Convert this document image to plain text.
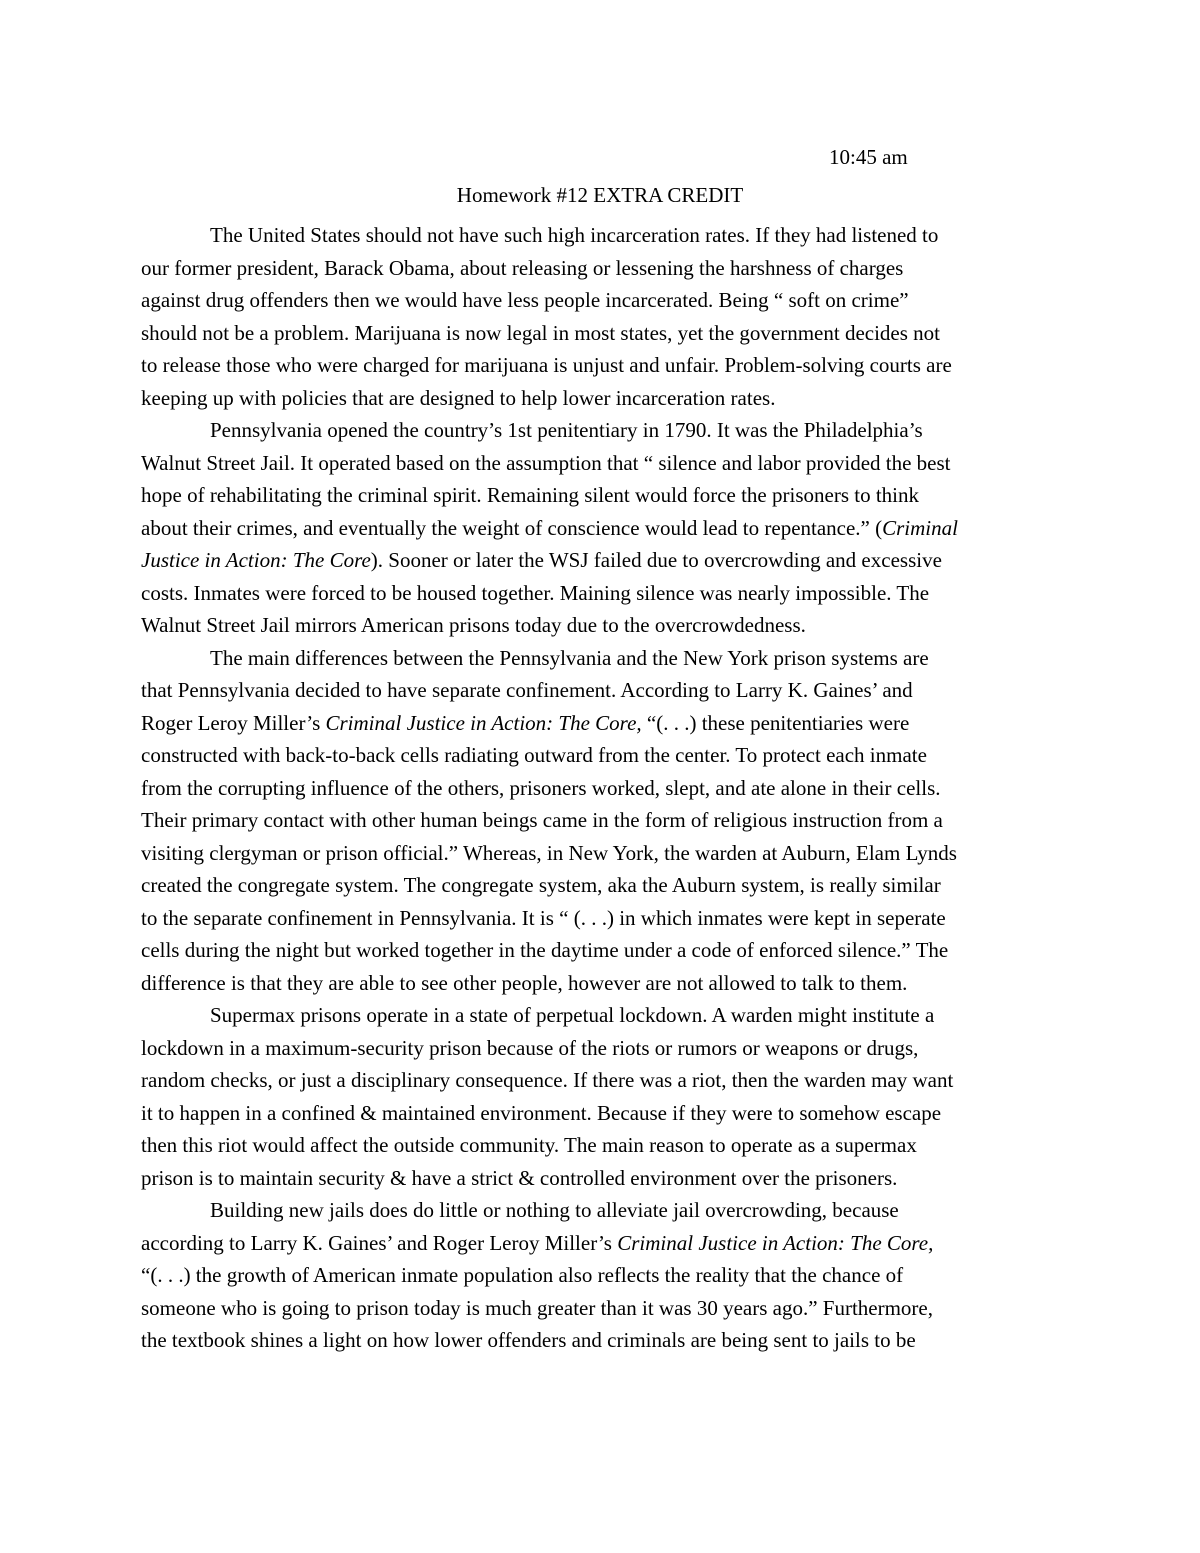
10:45 am
Homework #12 EXTRA CREDIT

The United States should not have such high incarceration rates. If they had listened to
our former president, Barack Obama, about releasing or lessening the harshness of charges
against drug offenders then we would have less people incarcerated. Being “ soft on crime”
should not be a problem. Marijuana is now legal in most states, yet the government decides not
to release those who were charged for marijuana is unjust and unfair. Problem-solving courts are
keeping up with policies that are designed to help lower incarceration rates.

Pennsylvania opened the country’s 1st penitentiary in 1790. It was the Philadelphia’s
Walnut Street Jail. It operated based on the assumption that “ silence and labor provided the best
hope of rehabilitating the criminal spirit. Remaining silent would force the prisoners to think
about their crimes, and eventually the weight of conscience would lead to repentance.” (Criminal
Justice in Action: The Core). Sooner or later the WSJ failed due to overcrowding and excessive
costs. Inmates were forced to be housed together. Maining silence was nearly impossible. The
Walnut Street Jail mirrors American prisons today due to the overcrowdedness.

The main differences between the Pennsylvania and the New York prison systems are
that Pennsylvania decided to have separate confinement. According to Larry K. Gaines’ and
Roger Leroy Miller’s Criminal Justice in Action: The Core, “(. . .) these penitentiaries were
constructed with back-to-back cells radiating outward from the center. To protect each inmate
from the corrupting influence of the others, prisoners worked, slept, and ate alone in their cells.
Their primary contact with other human beings came in the form of religious instruction from a
visiting clergyman or prison official.” Whereas, in New York, the warden at Auburn, Elam Lynds
created the congregate system. The congregate system, aka the Auburn system, is really similar
to the separate confinement in Pennsylvania. It is “ (. . .) in which inmates were kept in seperate
cells during the night but worked together in the daytime under a code of enforced silence.” The
difference is that they are able to see other people, however are not allowed to talk to them.

Supermax prisons operate in a state of perpetual lockdown. A warden might institute a
lockdown in a maximum-security prison because of the riots or rumors or weapons or drugs,
random checks, or just a disciplinary consequence. If there was a riot, then the warden may want
it to happen in a confined & maintained environment. Because if they were to somehow escape
then this riot would affect the outside community. The main reason to operate as a supermax
prison is to maintain security & have a strict & controlled environment over the prisoners.

Building new jails does do little or nothing to alleviate jail overcrowding, because
according to Larry K. Gaines’ and Roger Leroy Miller’s Criminal Justice in Action: The Core,
“(. . .) the growth of American inmate population also reflects the reality that the chance of
someone who is going to prison today is much greater than it was 30 years ago.” Furthermore,
the textbook shines a light on how lower offenders and criminals are being sent to jails to be
